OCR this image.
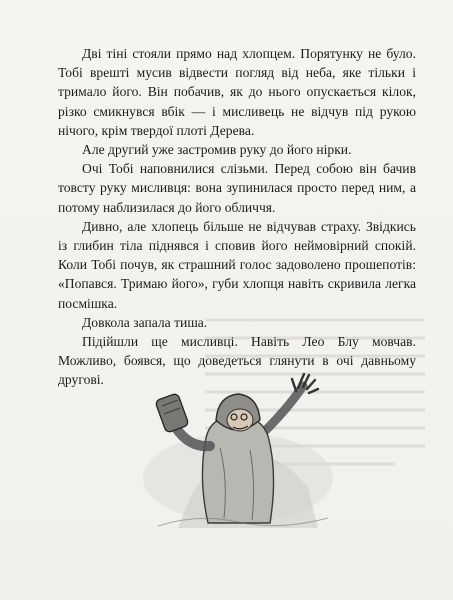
Дві тіні стояли прямо над хлопцем. Порятунку не було. Тобі врешті мусив відвести погляд від неба, яке тільки і тримало його. Він побачив, як до нього опускається кілок, різко смикнувся вбік — і мисливець не відчув під рукою нічого, крім твердої плоті Дерева.

Але другий уже застромив руку до його нірки.

Очі Тобі наповнилися слізьми. Перед собою він бачив товсту руку мисливця: вона зупинилася просто перед ним, а потому наблизилася до його обличчя.

Дивно, але хлопець більше не відчував страху. Звідкись із глибин тіла піднявся і сповив його неймовірний спокій. Коли Тобі почув, як страшний голос задоволено прошепотів: «Попався. Тримаю його», губи хлопця навіть скривила легка посмішка.

Довкола запала тиша.

Підійшли ще мисливці. Навіть Лео Блу мовчав. Можливо, боявся, що доведеться глянути в очі давньому другові.
